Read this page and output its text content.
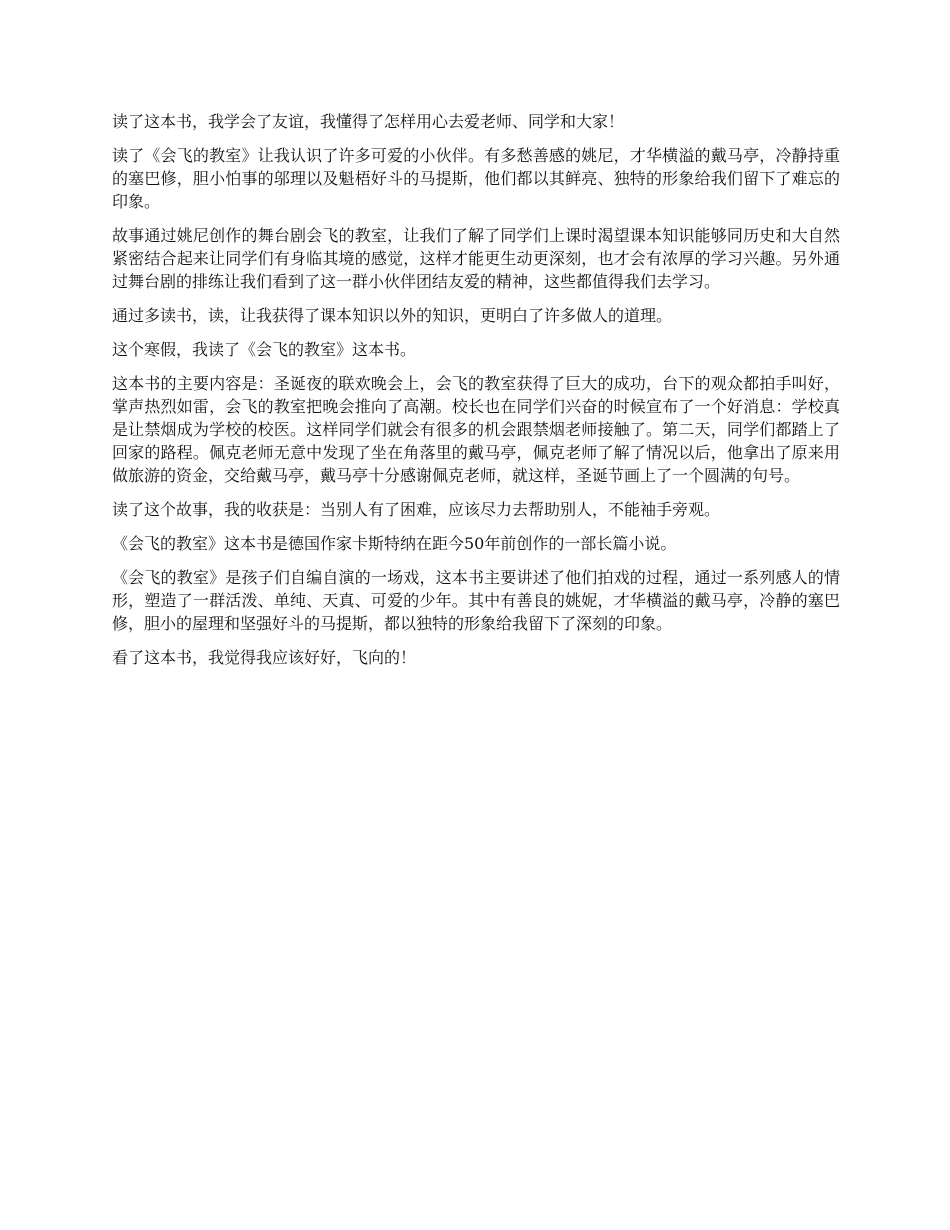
读了这本书，我学会了友谊，我懂得了怎样用心去爱老师、同学和大家！

读了《会飞的教室》让我认识了许多可爱的小伙伴。有多愁善感的姚尼，才华横溢的戴马亭，冷静持重的塞巴修，胆小怕事的邬理以及魁梧好斗的马提斯，他们都以其鲜亮、独特的形象给我们留下了难忘的印象。

故事通过姚尼创作的舞台剧会飞的教室，让我们了解了同学们上课时渴望课本知识能够同历史和大自然紧密结合起来让同学们有身临其境的感觉，这样才能更生动更深刻，也才会有浓厚的学习兴趣。另外通过舞台剧的排练让我们看到了这一群小伙伴团结友爱的精神，这些都值得我们去学习。

通过多读书，读，让我获得了课本知识以外的知识，更明白了许多做人的道理。

这个寒假，我读了《会飞的教室》这本书。

这本书的主要内容是：圣诞夜的联欢晚会上，会飞的教室获得了巨大的成功，台下的观众都拍手叫好，掌声热烈如雷，会飞的教室把晚会推向了高潮。校长也在同学们兴奋的时候宣布了一个好消息：学校真是让禁烟成为学校的校医。这样同学们就会有很多的机会跟禁烟老师接触了。第二天，同学们都踏上了回家的路程。佩克老师无意中发现了坐在角落里的戴马亭，佩克老师了解了情况以后，他拿出了原来用做旅游的资金，交给戴马亭，戴马亭十分感谢佩克老师，就这样，圣诞节画上了一个圆满的句号。

读了这个故事，我的收获是：当别人有了困难，应该尽力去帮助别人，不能袖手旁观。

《会飞的教室》这本书是德国作家卡斯特纳在距今50年前创作的一部长篇小说。

《会飞的教室》是孩子们自编自演的一场戏，这本书主要讲述了他们拍戏的过程，通过一系列感人的情形，塑造了一群活泼、单纯、天真、可爱的少年。其中有善良的姚妮，才华横溢的戴马亭，冷静的塞巴修，胆小的屋理和坚强好斗的马提斯，都以独特的形象给我留下了深刻的印象。

看了这本书，我觉得我应该好好，飞向的！
